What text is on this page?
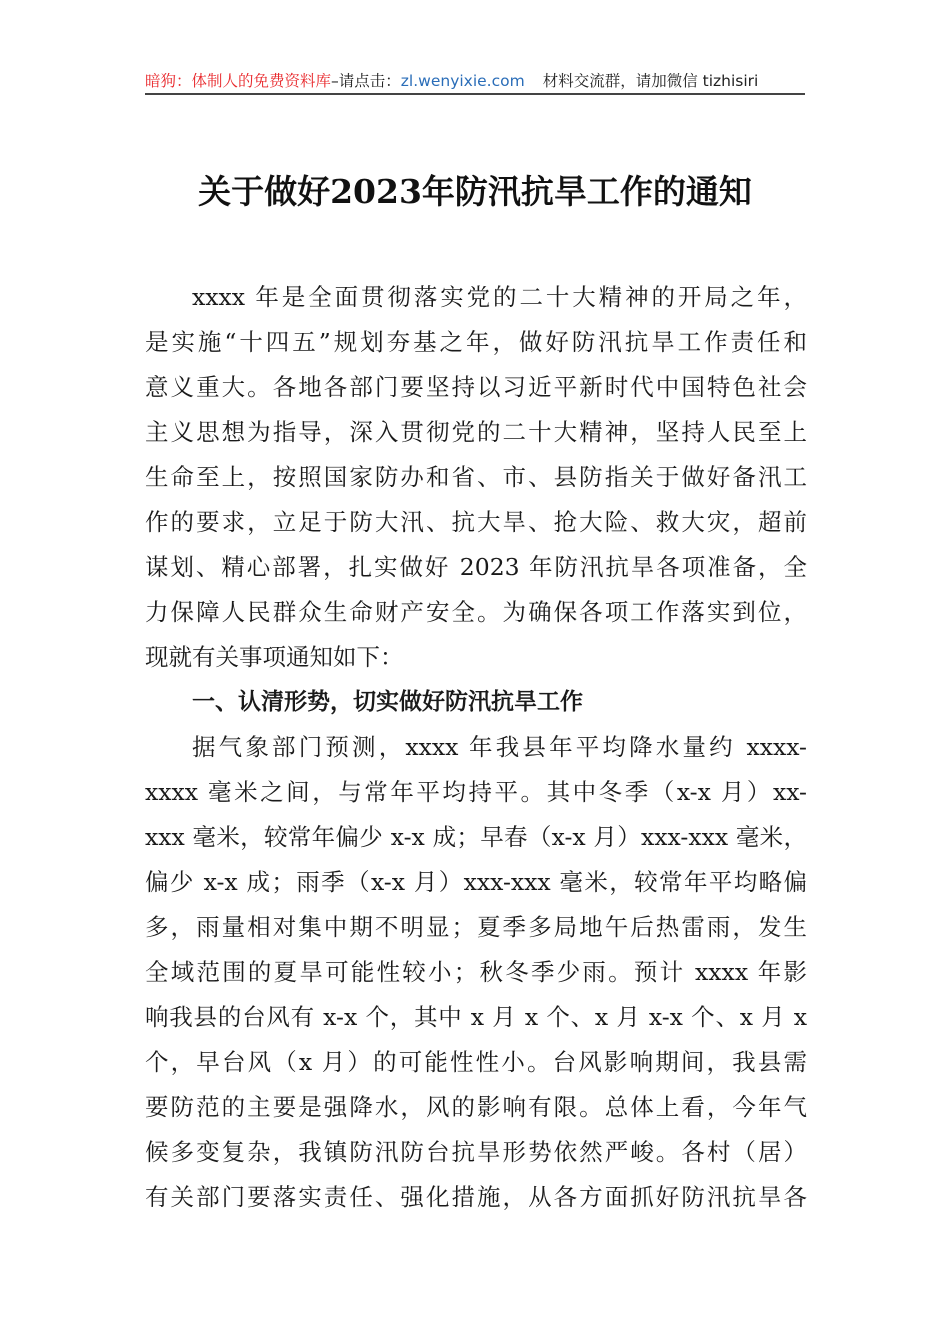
暗狗：体制人的免费资料库–请点击：zl.wenyixie.com 材料交流群，请加微信 tizhisiri
关于做好2023年防汛抗旱工作的通知
xxxx 年是全面贯彻落实党的二十大精神的开局之年，
是实施“十四五”规划夯基之年，做好防汛抗旱工作责任和
意义重大。各地各部门要坚持以习近平新时代中国特色社会
主义思想为指导，深入贯彻党的二十大精神，坚持人民至上
生命至上，按照国家防办和省、市、县防指关于做好备汛工
作的要求，立足于防大汛、抗大旱、抢大险、救大灾，超前
谋划、精心部署，扎实做好 2023 年防汛抗旱各项准备，全
力保障人民群众生命财产安全。为确保各项工作落实到位，
现就有关事项通知如下：
一、认清形势，切实做好防汛抗旱工作
据气象部门预测，xxxx 年我县年平均降水量约 xxxx-
xxxx 毫米之间，与常年平均持平。其中冬季（x-x 月）xx-
xxx 毫米，较常年偏少 x-x 成；早春（x-x 月）xxx-xxx 毫米，
偏少 x-x 成；雨季（x-x 月）xxx-xxx 毫米，较常年平均略偏
多，雨量相对集中期不明显；夏季多局地午后热雷雨，发生
全域范围的夏旱可能性较小；秋冬季少雨。预计 xxxx 年影
响我县的台风有 x-x 个，其中 x 月 x 个、x 月 x-x 个、x 月 x
个，早台风（x 月）的可能性性小。台风影响期间，我县需
要防范的主要是强降水，风的影响有限。总体上看，今年气
候多变复杂，我镇防汛防台抗旱形势依然严峻。各村（居）
有关部门要落实责任、强化措施，从各方面抓好防汛抗旱各
